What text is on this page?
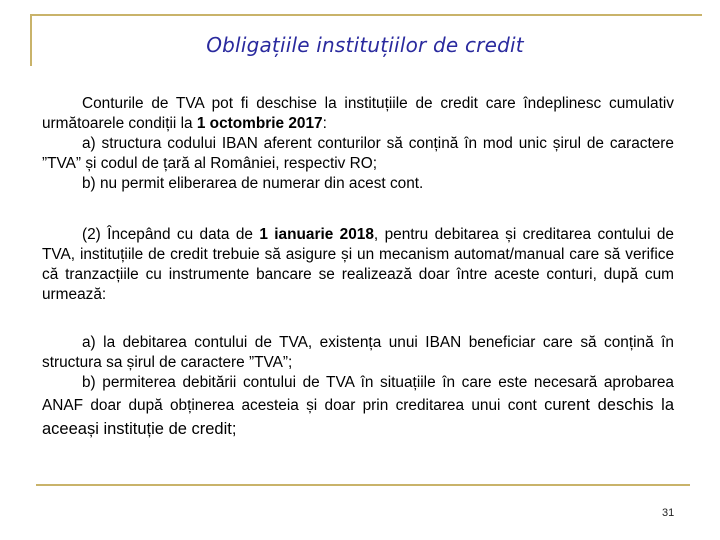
Obligațiile instituțiilor de credit

Conturile de TVA pot fi deschise la instituțiile de credit care îndeplinesc cumulativ următoarele condiții la 1 octombrie 2017:

a) structura codului IBAN aferent conturilor să conțină în mod unic șirul de caractere ”TVA” și codul de țară al României, respectiv RO;

b) nu permit eliberarea de numerar din acest cont.

(2) Începând cu data de 1 ianuarie 2018, pentru debitarea și creditarea contului de TVA, instituțiile de credit trebuie să asigure și un mecanism automat/manual care să verifice că tranzacțiile cu instrumente bancare se realizează doar între aceste conturi, după cum urmează:

a) la debitarea contului de TVA, existența unui IBAN beneficiar care să conțină în structura sa șirul de caractere ”TVA”;

b) permiterea debitării contului de TVA în situațiile în care este necesară aprobarea ANAF doar după obținerea acesteia și doar prin creditarea unui cont curent deschis la aceeași instituție de credit;

31
